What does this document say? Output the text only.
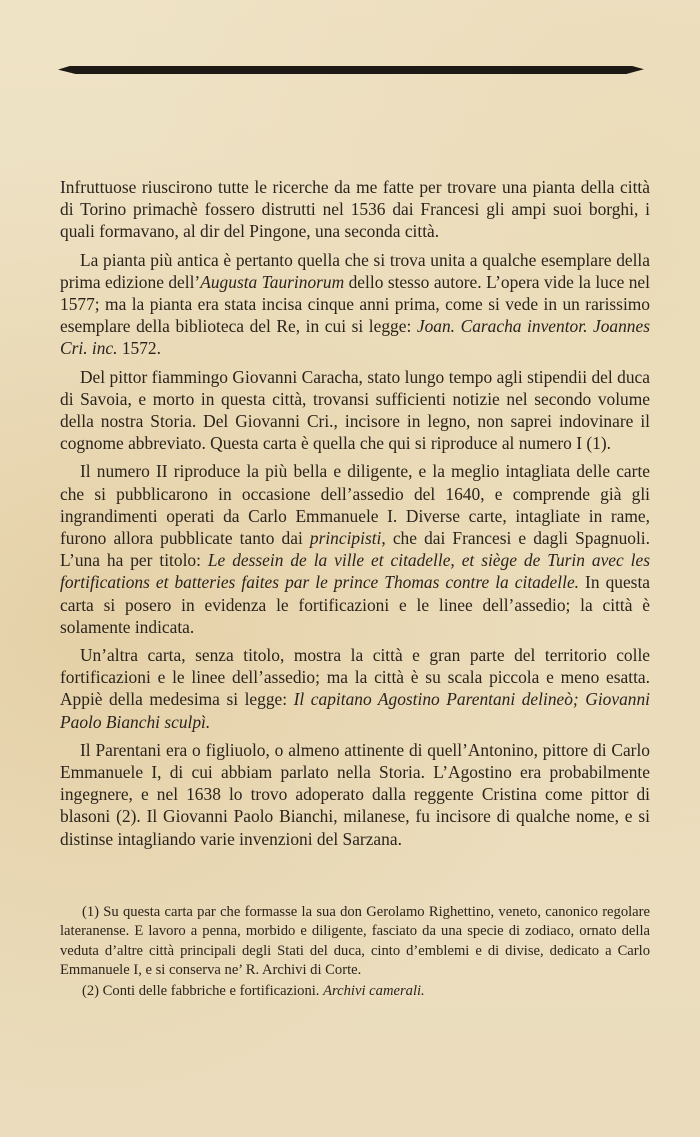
Infruttuose riuscirono tutte le ricerche da me fatte per trovare una pianta della città di Torino primachè fossero distrutti nel 1536 dai Francesi gli ampi suoi borghi, i quali formavano, al dir del Pingone, una seconda città.

La pianta più antica è pertanto quella che si trova unita a qualche esemplare della prima edizione dell’Augusta Taurinorum dello stesso autore. L’opera vide la luce nel 1577; ma la pianta era stata incisa cinque anni prima, come si vede in un rarissimo esemplare della biblioteca del Re, in cui si legge: Joan. Caracha inventor. Joannes Cri. inc. 1572.

Del pittor fiammingo Giovanni Caracha, stato lungo tempo agli stipendii del duca di Savoia, e morto in questa città, trovansi sufficienti notizie nel secondo volume della nostra Storia. Del Giovanni Cri., incisore in legno, non saprei indovinare il cognome abbreviato. Questa carta è quella che qui si riproduce al numero I (1).

Il numero II riproduce la più bella e diligente, e la meglio intagliata delle carte che si pubblicarono in occasione dell’assedio del 1640, e comprende già gli ingrandimenti operati da Carlo Emmanuele I. Diverse carte, intagliate in rame, furono allora pubblicate tanto dai principisti, che dai Francesi e dagli Spagnuoli. L’una ha per titolo: Le dessein de la ville et citadelle, et siège de Turin avec les fortifications et batteries faites par le prince Thomas contre la citadelle. In questa carta si posero in evidenza le fortificazioni e le linee dell’assedio; la città è solamente indicata.

Un’altra carta, senza titolo, mostra la città e gran parte del territorio colle fortificazioni e le linee dell’assedio; ma la città è su scala piccola e meno esatta. Appiè della medesima si legge: Il capitano Agostino Parentani delineò; Giovanni Paolo Bianchi sculpì.

Il Parentani era o figliuolo, o almeno attinente di quell’Antonino, pittore di Carlo Emmanuele I, di cui abbiam parlato nella Storia. L’Agostino era probabilmente ingegnere, e nel 1638 lo trovo adoperato dalla reggente Cristina come pittor di blasoni (2). Il Giovanni Paolo Bianchi, milanese, fu incisore di qualche nome, e si distinse intagliando varie invenzioni del Sarzana.

(1) Su questa carta par che formasse la sua don Gerolamo Righettino, veneto, canonico regolare lateranense. E lavoro a penna, morbido e diligente, fasciato da una specie di zodiaco, ornato della veduta d’altre città principali degli Stati del duca, cinto d’emblemi e di divise, dedicato a Carlo Emmanuele I, e si conserva ne’ R. Archivi di Corte.

(2) Conti delle fabbriche e fortificazioni. Archivi camerali.
